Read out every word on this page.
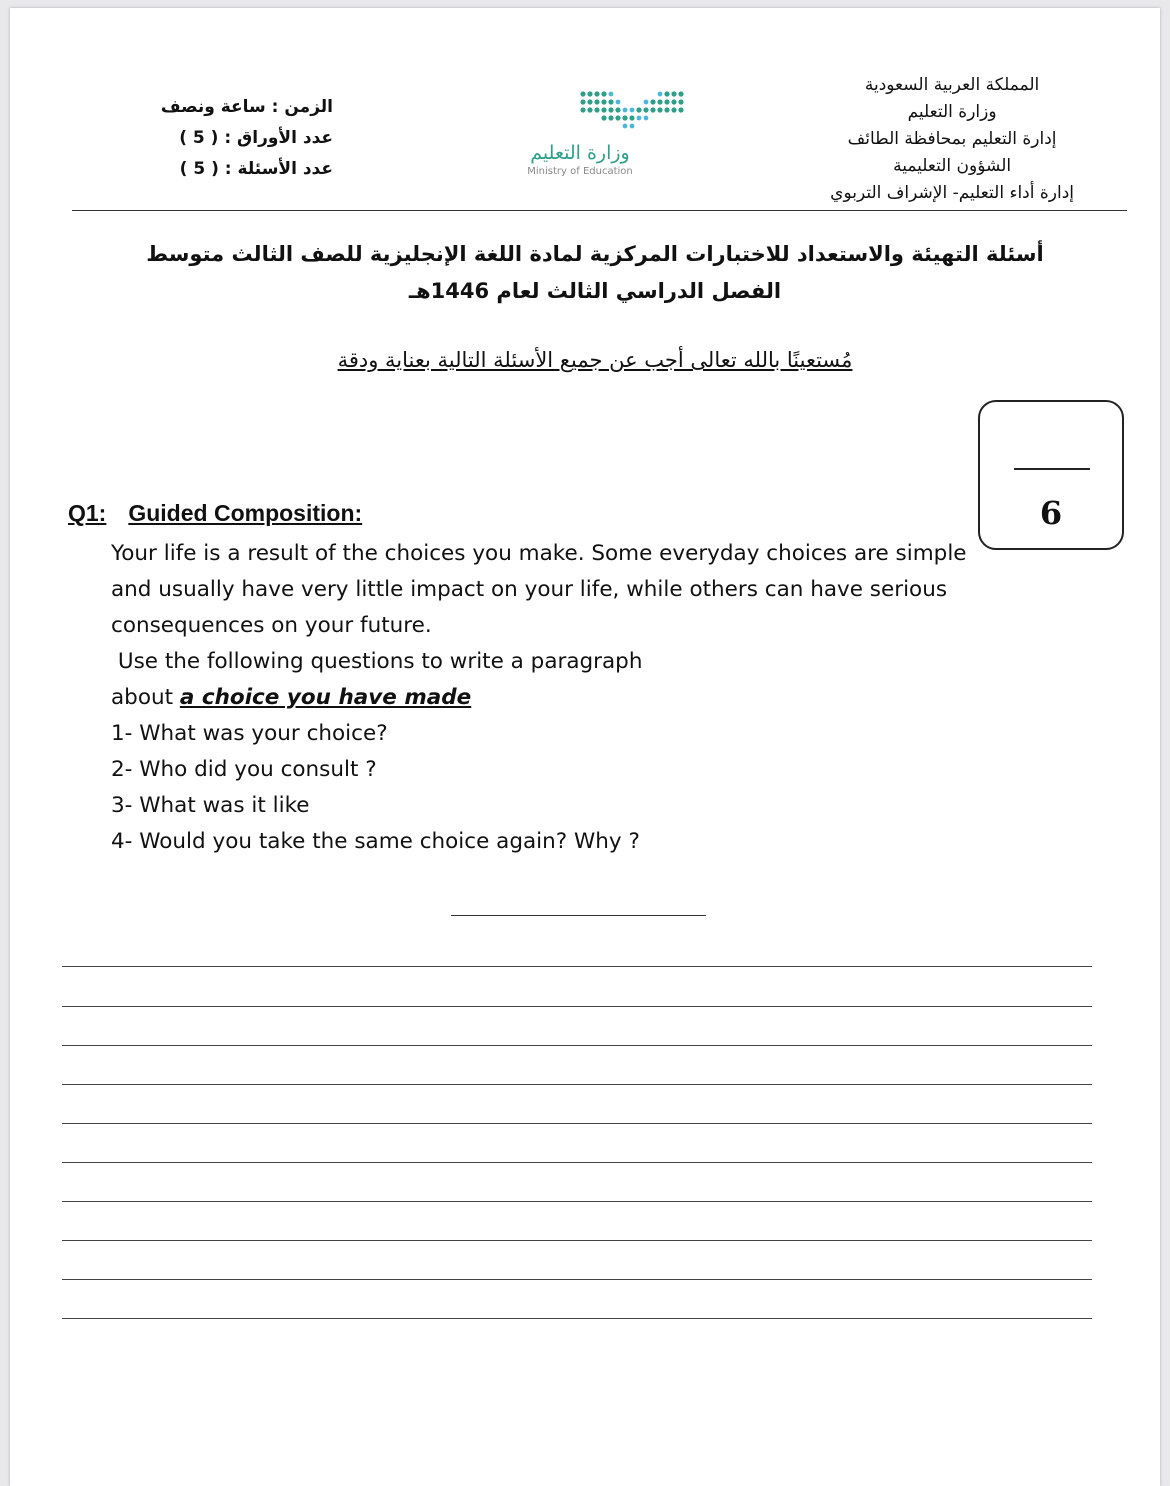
المملكة العربية السعودية
وزارة التعليم
إدارة التعليم بمحافظة الطائف
الشؤون التعليمية
إدارة أداء التعليم- الإشراف التربوي
وزارة التعليم
Ministry of Education
الزمن : ساعة ونصف
عدد الأوراق : ( 5 )
عدد الأسئلة : ( 5 )
أسئلة التهيئة والاستعداد للاختبارات المركزية لمادة اللغة الإنجليزية للصف الثالث متوسط
الفصل الدراسي الثالث لعام 1446هـ
مُستعينًا بالله تعالى أجب عن جميع الأسئلة التالية بعناية ودقة
6
Q1: Guided Composition:

Your life is a result of the choices you make. Some everyday choices are simple

and usually have very little impact on your life, while others can have serious

consequences on your future.

Use the following questions to write a paragraph

about a choice you have made

1- What was your choice?

2- Who did you consult ?

3- What was it like

4- Would you take the same choice again? Why ?
